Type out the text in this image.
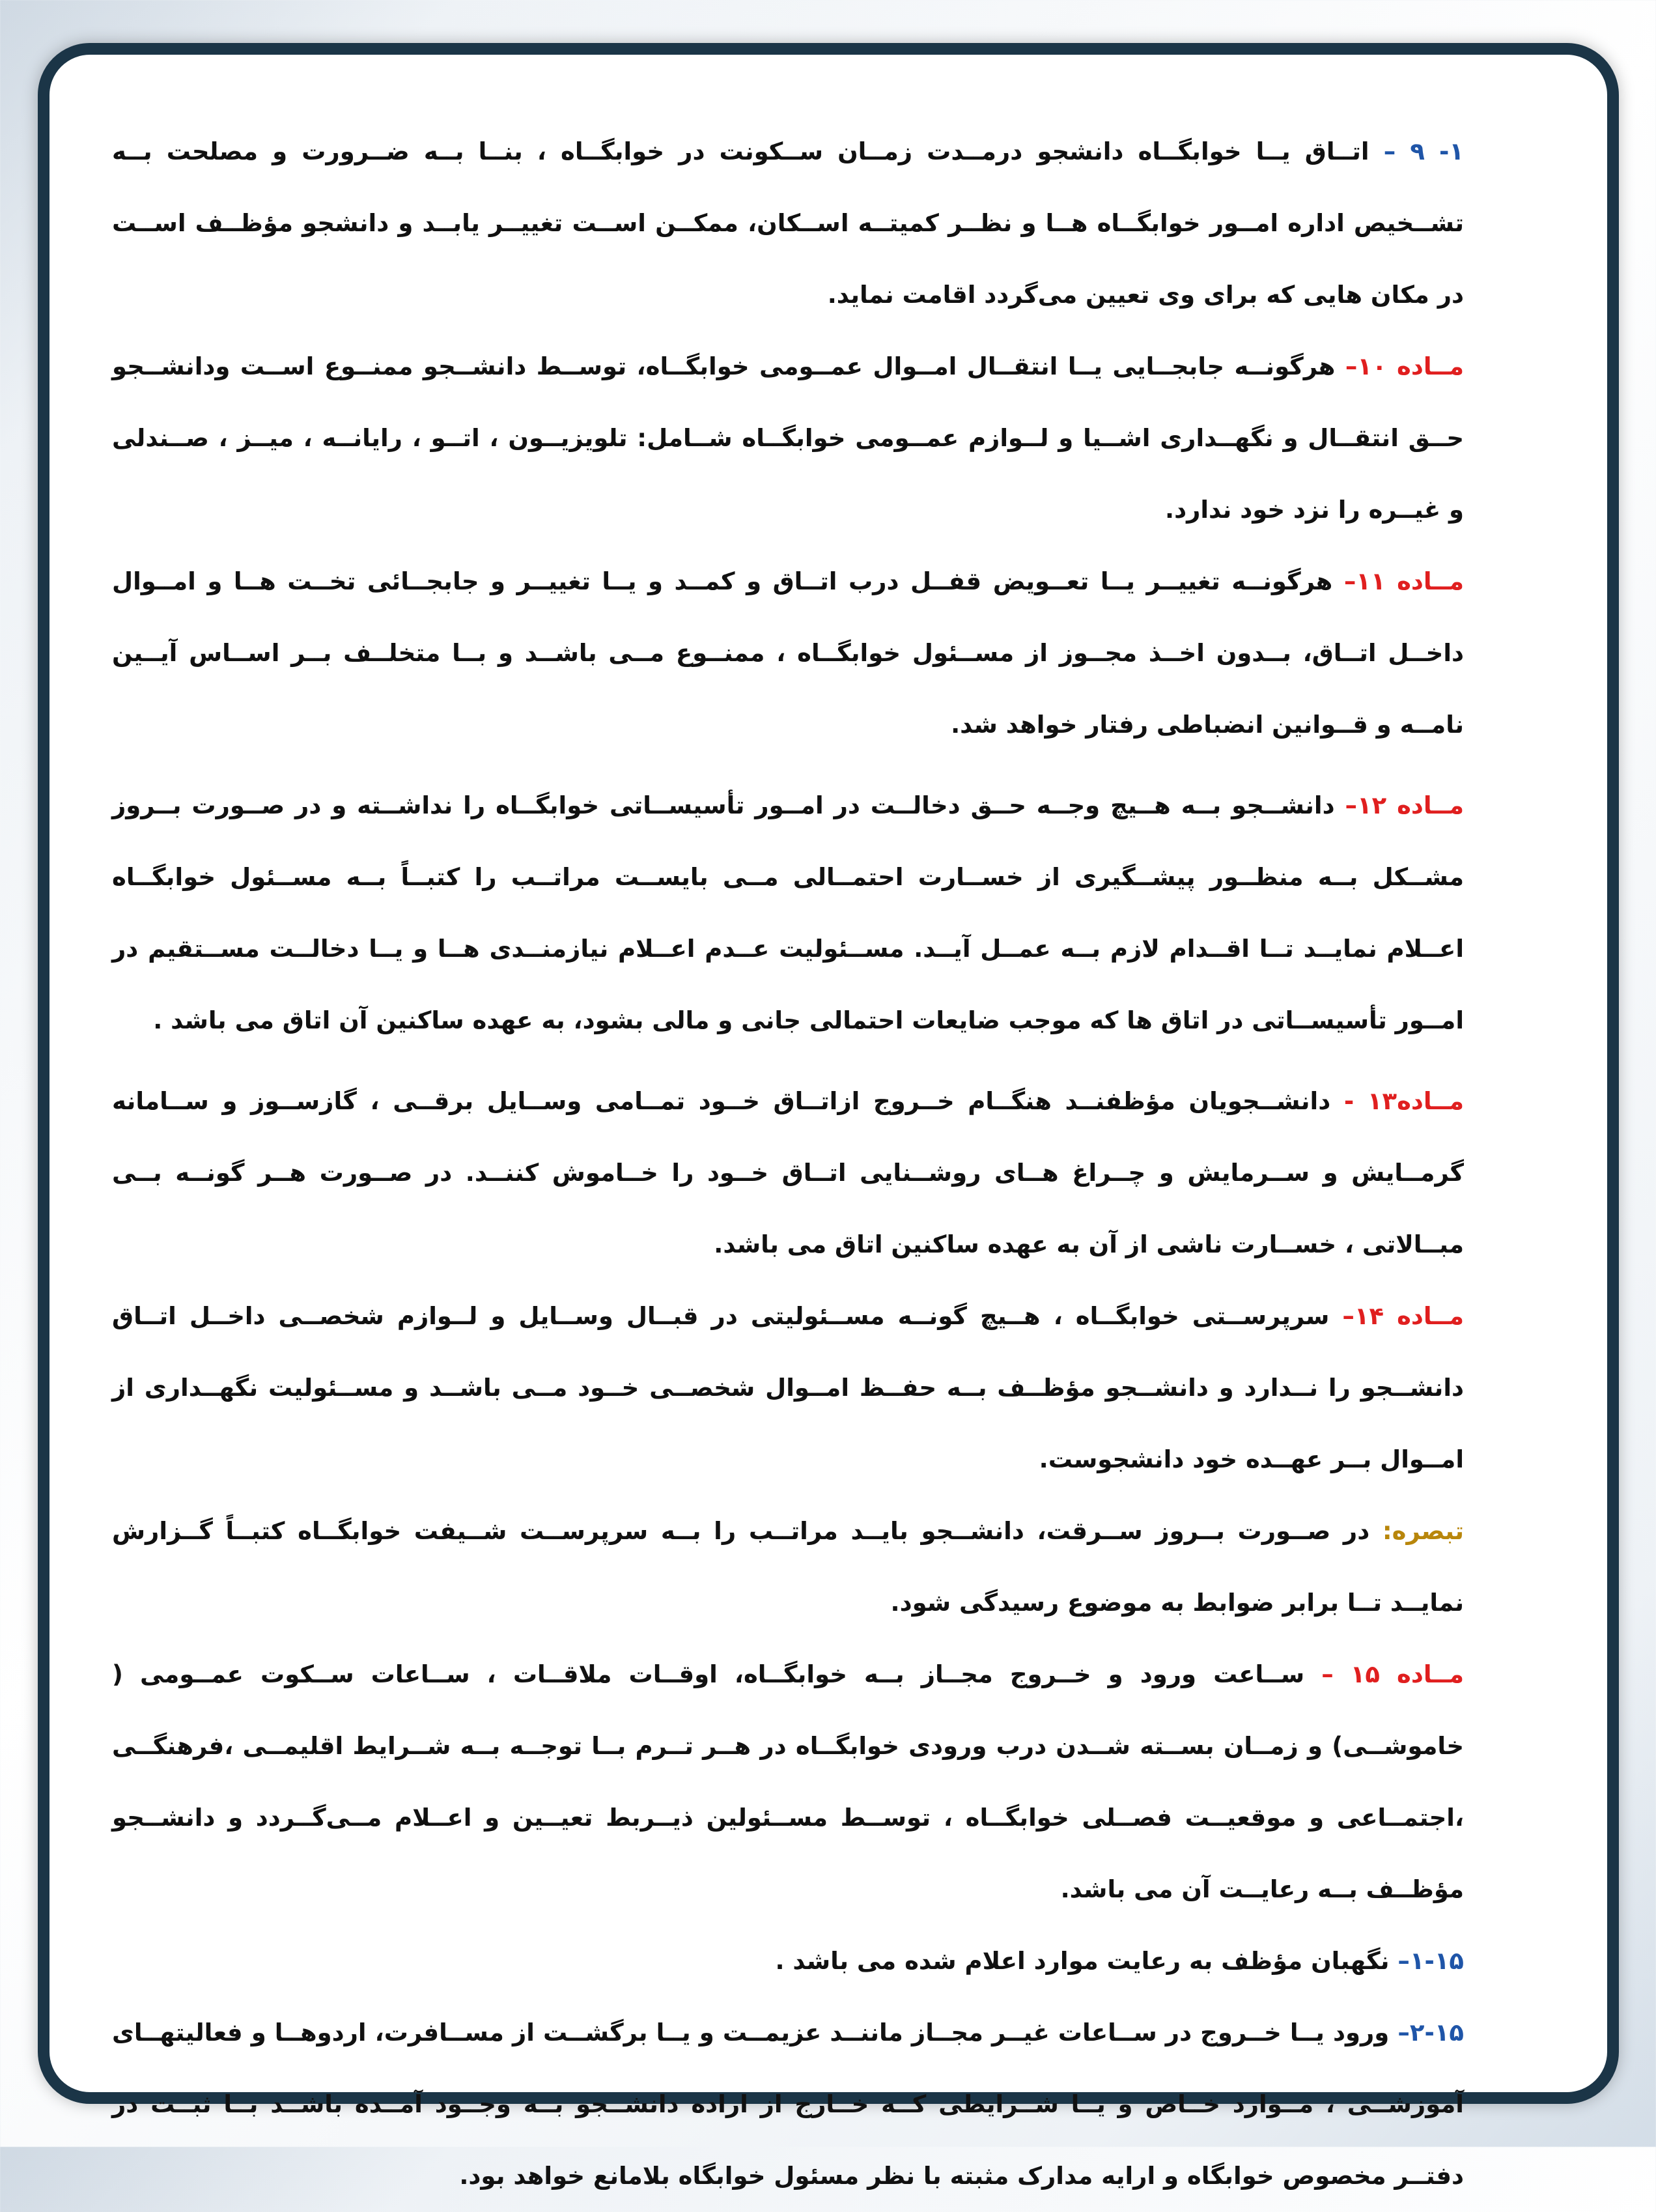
۱- ۹ – اتــاق یــا خوابگــاه دانشجو درمــدت زمــان ســکونت در خوابگــاه ، بنــا بــه ضــرورت و مصلحت بــه تشــخیص اداره امــور خوابگــاه هــا و نظــر کمیتــه اســکان، ممکــن اســت تغییــر یابــد و دانشجو مؤظــف اســت در مکان هایی که برای وی تعیین می‌گردد اقامت نماید.

مــاده ۱۰– هرگونــه جابجــایی یــا انتقــال امــوال عمــومی خوابگــاه، توســط دانشــجو ممنــوع اســت ودانشــجو حــق انتقــال و نگهــداری اشــیا و لــوازم عمــومی خوابگــاه شــامل: تلویزیــون ، اتــو ، رایانــه ، میــز ، صــندلی و غیــره را نزد خود ندارد.

مــاده ۱۱– هرگونــه تغییــر یــا تعــویض قفــل درب اتــاق و کمــد و یــا تغییــر و جابجــائی تخــت هــا و امــوال داخــل اتــاق، بــدون اخــذ مجــوز از مســئول خوابگــاه ، ممنــوع مــی باشــد و بــا متخلــف بــر اســاس آیــین نامــه و قــوانین انضباطی رفتار خواهد شد.

مــاده ۱۲– دانشــجو بــه هــیچ وجــه حــق دخالــت در امــور تأسیســاتی خوابگــاه را نداشــته و در صــورت بــروز مشــکل بــه منظــور پیشــگیری از خســارت احتمــالی مــی بایســت مراتــب را کتبــاً بــه مســئول خوابگــاه اعــلام نمایــد تــا اقــدام لازم بــه عمــل آیــد. مســئولیت عــدم اعــلام نیازمنــدی هــا و یــا دخالــت مســتقیم در امــور تأسیســاتی در اتاق ها که موجب ضایعات احتمالی جانی و مالی بشود، به عهده ساکنین آن اتاق می باشد .

مــاده۱۳ - دانشــجویان مؤظفنــد هنگــام خــروج ازاتــاق خــود تمــامی وســایل برقــی ، گازســوز و ســامانه گرمــایش و ســرمایش و چــراغ هــای روشــنایی اتــاق خــود را خــاموش کننــد. در صــورت هــر گونــه بــی مبــالاتی ، خســارت ناشی از آن به عهده ساکنین اتاق می باشد.

مــاده ۱۴– سرپرســتی خوابگــاه ، هــیچ گونــه مســئولیتی در قبــال وســایل و لــوازم شخصــی داخــل اتــاق دانشــجو را نــدارد و دانشــجو مؤظــف بــه حفــظ امــوال شخصــی خــود مــی باشــد و مســئولیت نگهــداری از امــوال بــر عهــده خود دانشجوست.

تبصره: در صــورت بــروز ســرقت، دانشــجو بایــد مراتــب را بــه سرپرســت شــیفت خوابگــاه کتبــاً گــزارش نمایــد تــا برابر ضوابط به موضوع رسیدگی شود.

مــاده ۱۵ – ســاعت ورود و خــروج مجــاز بــه خوابگــاه، اوقــات ملاقــات ، ســاعات ســکوت عمــومی ( خاموشــی) و زمــان بســته شــدن درب ورودی خوابگــاه در هــر تــرم بــا توجــه بــه شــرایط اقلیمــی ،فرهنگــی ،اجتمــاعی و موقعیــت فصــلی خوابگــاه ، توســط مســئولین ذیــربط تعیــین و اعــلام مــی‌گــردد و دانشــجو مؤظــف بــه رعایــت آن می باشد.

۱-۱۵– نگهبان مؤظف به رعایت موارد اعلام شده می باشد .

۲-۱۵– ورود یــا خــروج در ســاعات غیــر مجــاز ماننــد عزیمــت و یــا برگشــت از مســافرت، اردوهــا و فعالیتهــای آموزشــی ، مــوارد خــاص و یــا شــرایطی کــه خــارج از اراده دانشــجو بــه وجــود آمــده باشــد بــا ثبــت در دفتــر مخصوص خوابگاه و ارایه مدارک مثبته با نظر مسئول خوابگاه بلامانع خواهد بود.
